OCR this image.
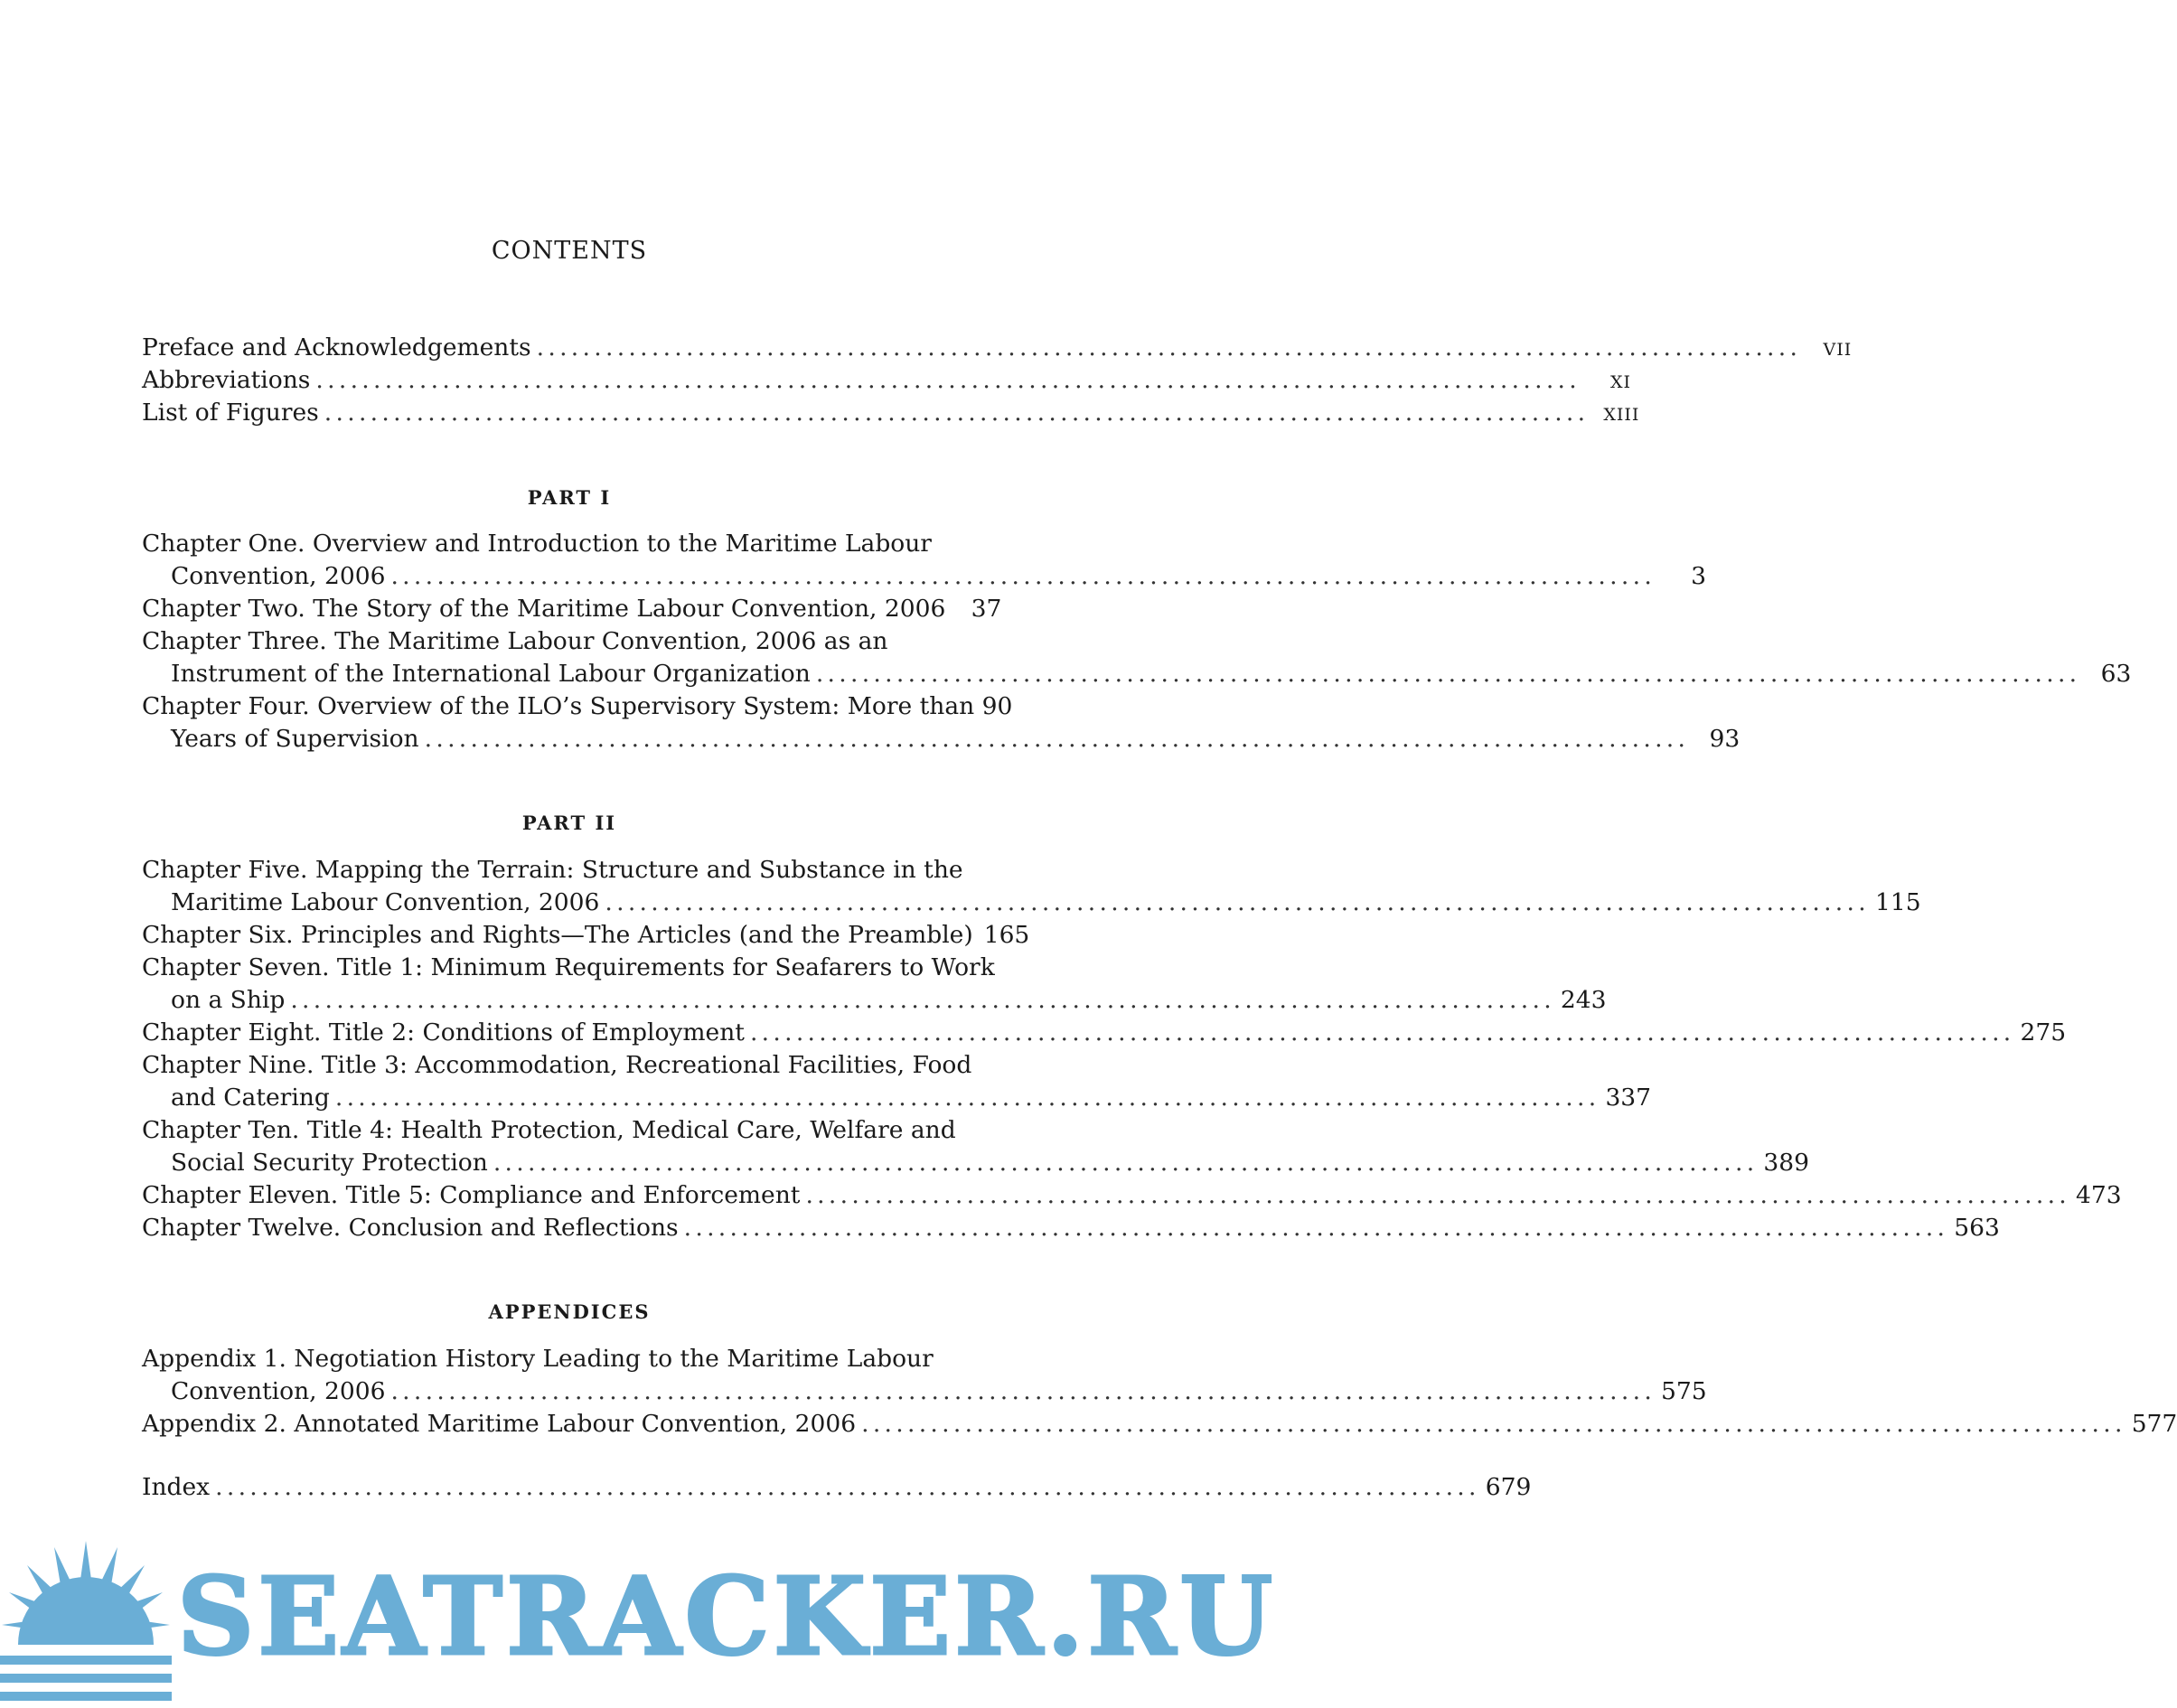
CONTENTS
Preface and Acknowledgements .............................................................................................................. vii
Abbreviations ..............................................................................................................	xi
List of Figures .............................................................................................................. xiii
PART I
Chapter One. Overview and Introduction to the Maritime Labour
Convention, 2006 ..............................................................................................................	3
Chapter Two. The Story of the Maritime Labour Convention, 2006	37
Chapter Three. The Maritime Labour Convention, 2006 as an
Instrument of the International Labour Organization .............................................................................................................. 63
Chapter Four. Overview of the ILO’s Supervisory System: More than 90
Years of Supervision .............................................................................................................. 93
PART II
Chapter Five. Mapping the Terrain: Structure and Substance in the
Maritime Labour Convention, 2006 .............................................................................................................. 115
Chapter Six. Principles and Rights—The Articles (and the Preamble) 165
Chapter Seven. Title 1: Minimum Requirements for Seafarers to Work
on a Ship .............................................................................................................. 243
Chapter Eight. Title 2: Conditions of Employment .............................................................................................................. 275
Chapter Nine. Title 3: Accommodation, Recreational Facilities, Food
and Catering .............................................................................................................. 337
Chapter Ten. Title 4: Health Protection, Medical Care, Welfare and
Social Security Protection .............................................................................................................. 389
Chapter Eleven. Title 5: Compliance and Enforcement .............................................................................................................. 473
Chapter Twelve. Conclusion and Reflections .............................................................................................................. 563
APPENDICES
Appendix 1. Negotiation History Leading to the Maritime Labour
Convention, 2006 .............................................................................................................. 575
Appendix 2. Annotated Maritime Labour Convention, 2006 .............................................................................................................. 577
Index .............................................................................................................. 679
SEATRACKER.RU
